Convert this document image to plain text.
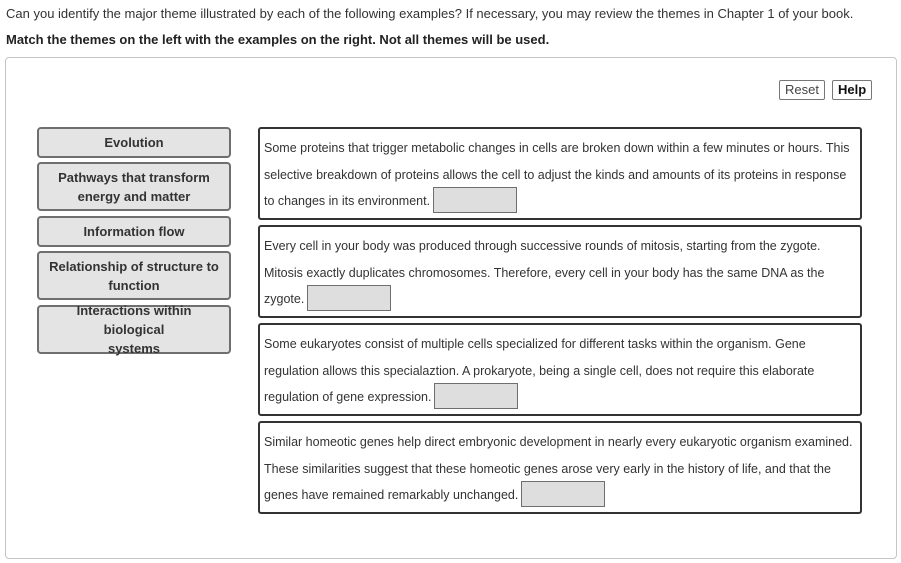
Can you identify the major theme illustrated by each of the following examples? If necessary, you may review the themes in Chapter 1 of your book.
Match the themes on the left with the examples on the right. Not all themes will be used.
Reset	Help
Evolution
Pathways that transform
energy and matter
Information flow
Relationship of structure to
function
Interactions within biological
systems
Some proteins that trigger metabolic changes in cells are broken down within a few minutes or hours. This selective breakdown of proteins allows the cell to adjust the kinds and amounts of its proteins in response to changes in its environment.
Every cell in your body was produced through successive rounds of mitosis, starting from the zygote. Mitosis exactly duplicates chromosomes. Therefore, every cell in your body has the same DNA as the zygote.
Some eukaryotes consist of multiple cells specialized for different tasks within the organism. Gene regulation allows this specialaztion. A prokaryote, being a single cell, does not require this elaborate regulation of gene expression.
Similar homeotic genes help direct embryonic development in nearly every eukaryotic organism examined. These similarities suggest that these homeotic genes arose very early in the history of life, and that the genes have remained remarkably unchanged.
